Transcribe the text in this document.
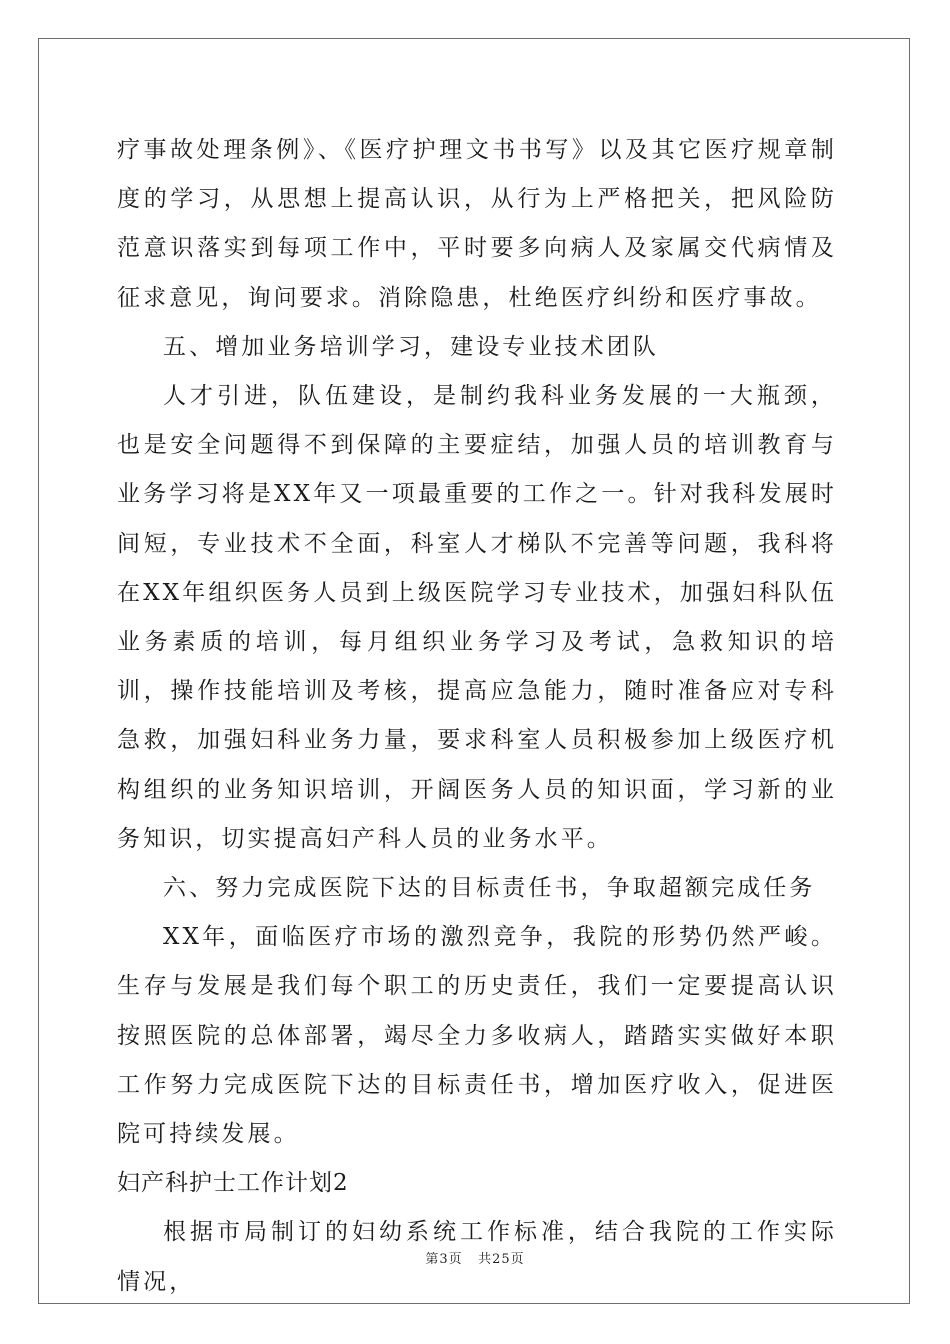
疗事故处理条例》、《医疗护理文书书写》以及其它医疗规章制度的学习，从思想上提高认识，从行为上严格把关，把风险防范意识落实到每项工作中，平时要多向病人及家属交代病情及征求意见，询问要求。消除隐患，杜绝医疗纠纷和医疗事故。

五、增加业务培训学习，建设专业技术团队

人才引进，队伍建设，是制约我科业务发展的一大瓶颈，也是安全问题得不到保障的主要症结，加强人员的培训教育与业务学习将是XX年又一项最重要的工作之一。针对我科发展时间短，专业技术不全面，科室人才梯队不完善等问题，我科将在XX年组织医务人员到上级医院学习专业技术，加强妇科队伍业务素质的培训，每月组织业务学习及考试，急救知识的培训，操作技能培训及考核，提高应急能力，随时准备应对专科急救，加强妇科业务力量，要求科室人员积极参加上级医疗机构组织的业务知识培训，开阔医务人员的知识面，学习新的业务知识，切实提高妇产科人员的业务水平。

六、努力完成医院下达的目标责任书，争取超额完成任务

XX年，面临医疗市场的激烈竞争，我院的形势仍然严峻。生存与发展是我们每个职工的历史责任，我们一定要提高认识按照医院的总体部署，竭尽全力多收病人，踏踏实实做好本职工作努力完成医院下达的目标责任书，增加医疗收入，促进医院可持续发展。

妇产科护士工作计划2

根据市局制订的妇幼系统工作标准，结合我院的工作实际情况，

第3页 共25页
